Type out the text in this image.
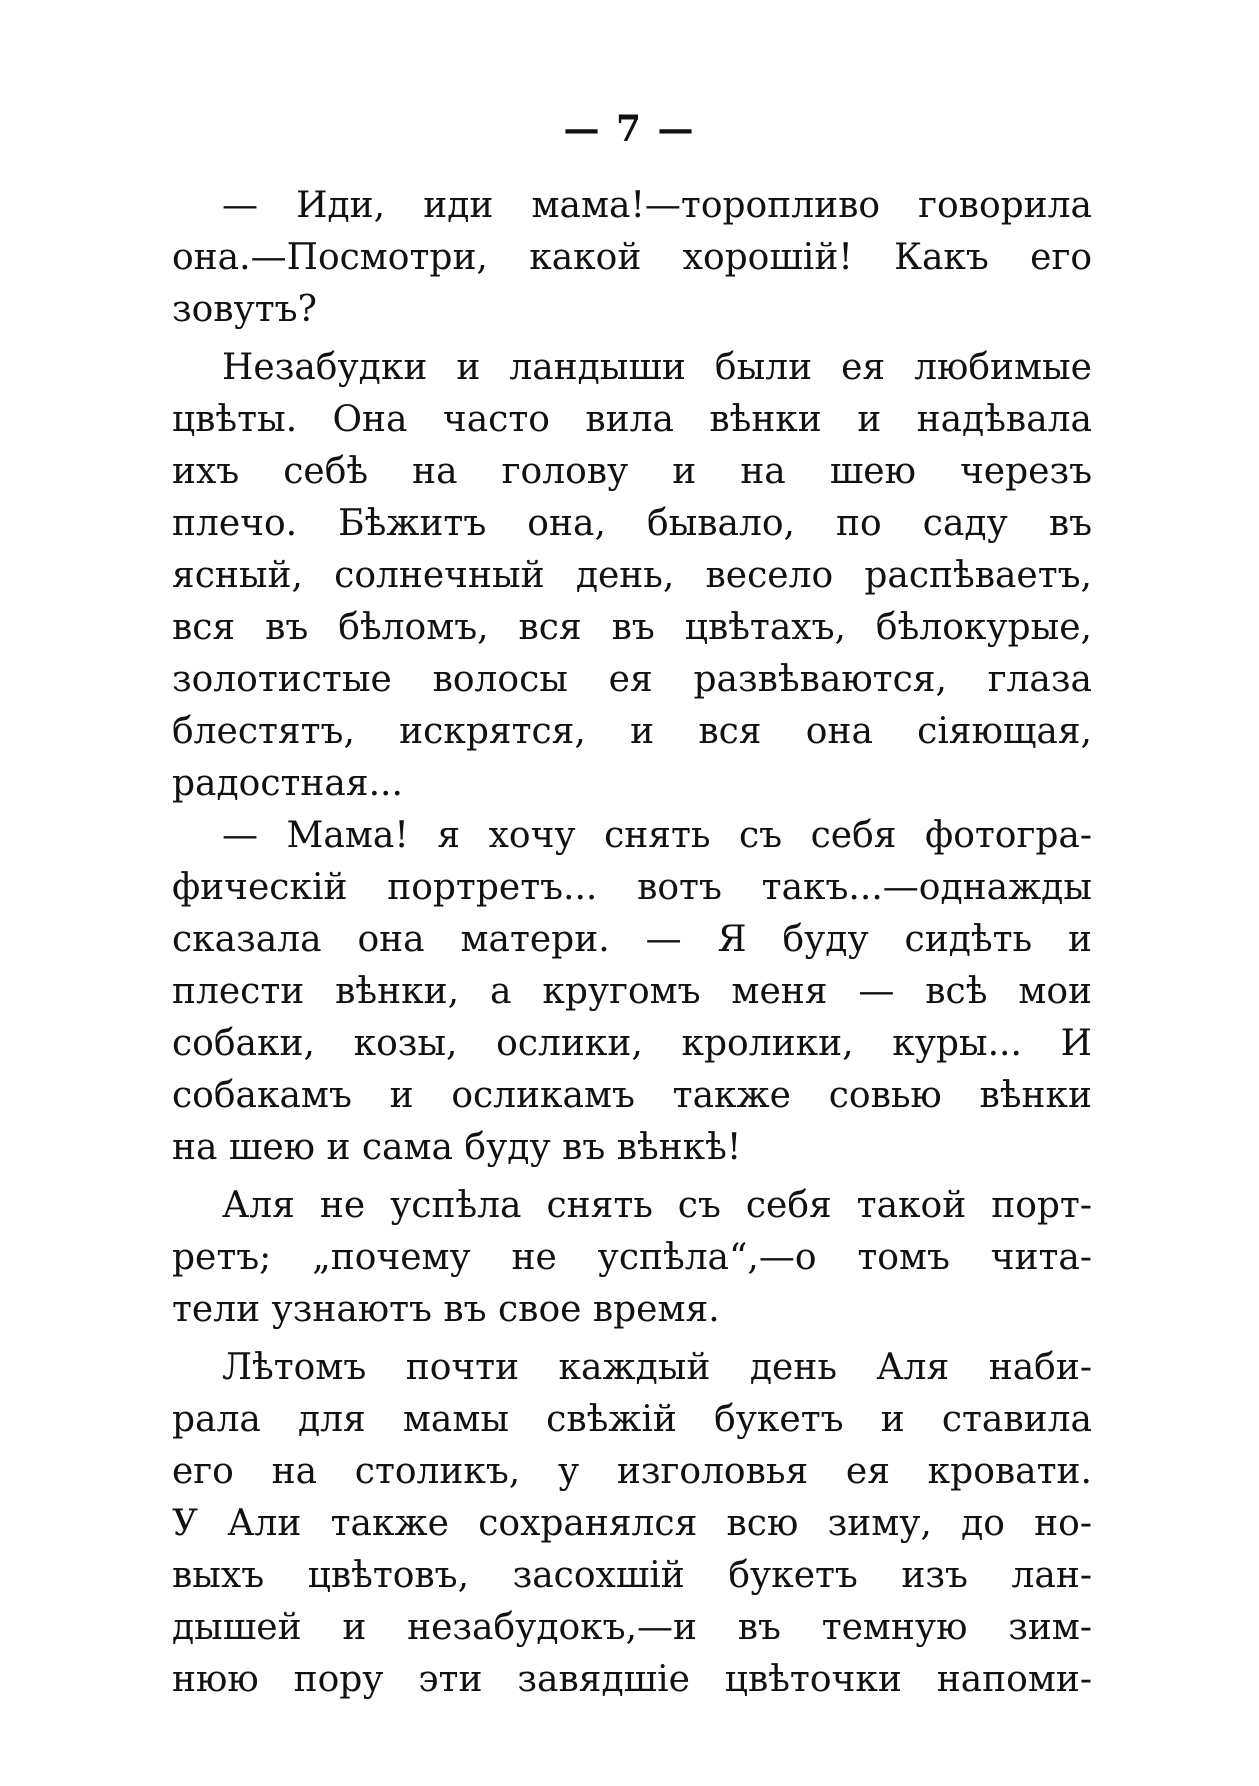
— 7 —
— Иди, иди мама!—торопливо говорила
она.—Посмотри, какой хорошій! Какъ его
зовутъ?
Незабудки и ландыши были ея любимые
цвѣты. Она часто вила вѣнки и надѣвала
ихъ себѣ на голову и на шею черезъ
плечо. Бѣжитъ она, бывало, по саду въ
ясный, солнечный день, весело распѣваетъ,
вся въ бѣломъ, вся въ цвѣтахъ, бѣлокурые,
золотистые волосы ея развѣваются, глаза
блестятъ, искрятся, и вся она сіяющая,
радостная...
— Мама! я хочу снять съ себя фотогра-
фическій портретъ... вотъ такъ...—однажды
сказала она матери. — Я буду сидѣть и
плести вѣнки, а кругомъ меня — всѣ мои
собаки, козы, ослики, кролики, куры... И
собакамъ и осликамъ также совью вѣнки
на шею и сама буду въ вѣнкѣ!
Аля не успѣла снять съ себя такой порт-
ретъ; „почему не успѣла“,—о томъ чита-
тели узнаютъ въ свое время.
Лѣтомъ почти каждый день Аля наби-
рала для мамы свѣжій букетъ и ставила
его на столикъ, у изголовья ея кровати.
У Али также сохранялся всю зиму, до но-
выхъ цвѣтовъ, засохшій букетъ изъ лан-
дышей и незабудокъ,—и въ темную зим-
нюю пору эти завядшіе цвѣточки напоми-
